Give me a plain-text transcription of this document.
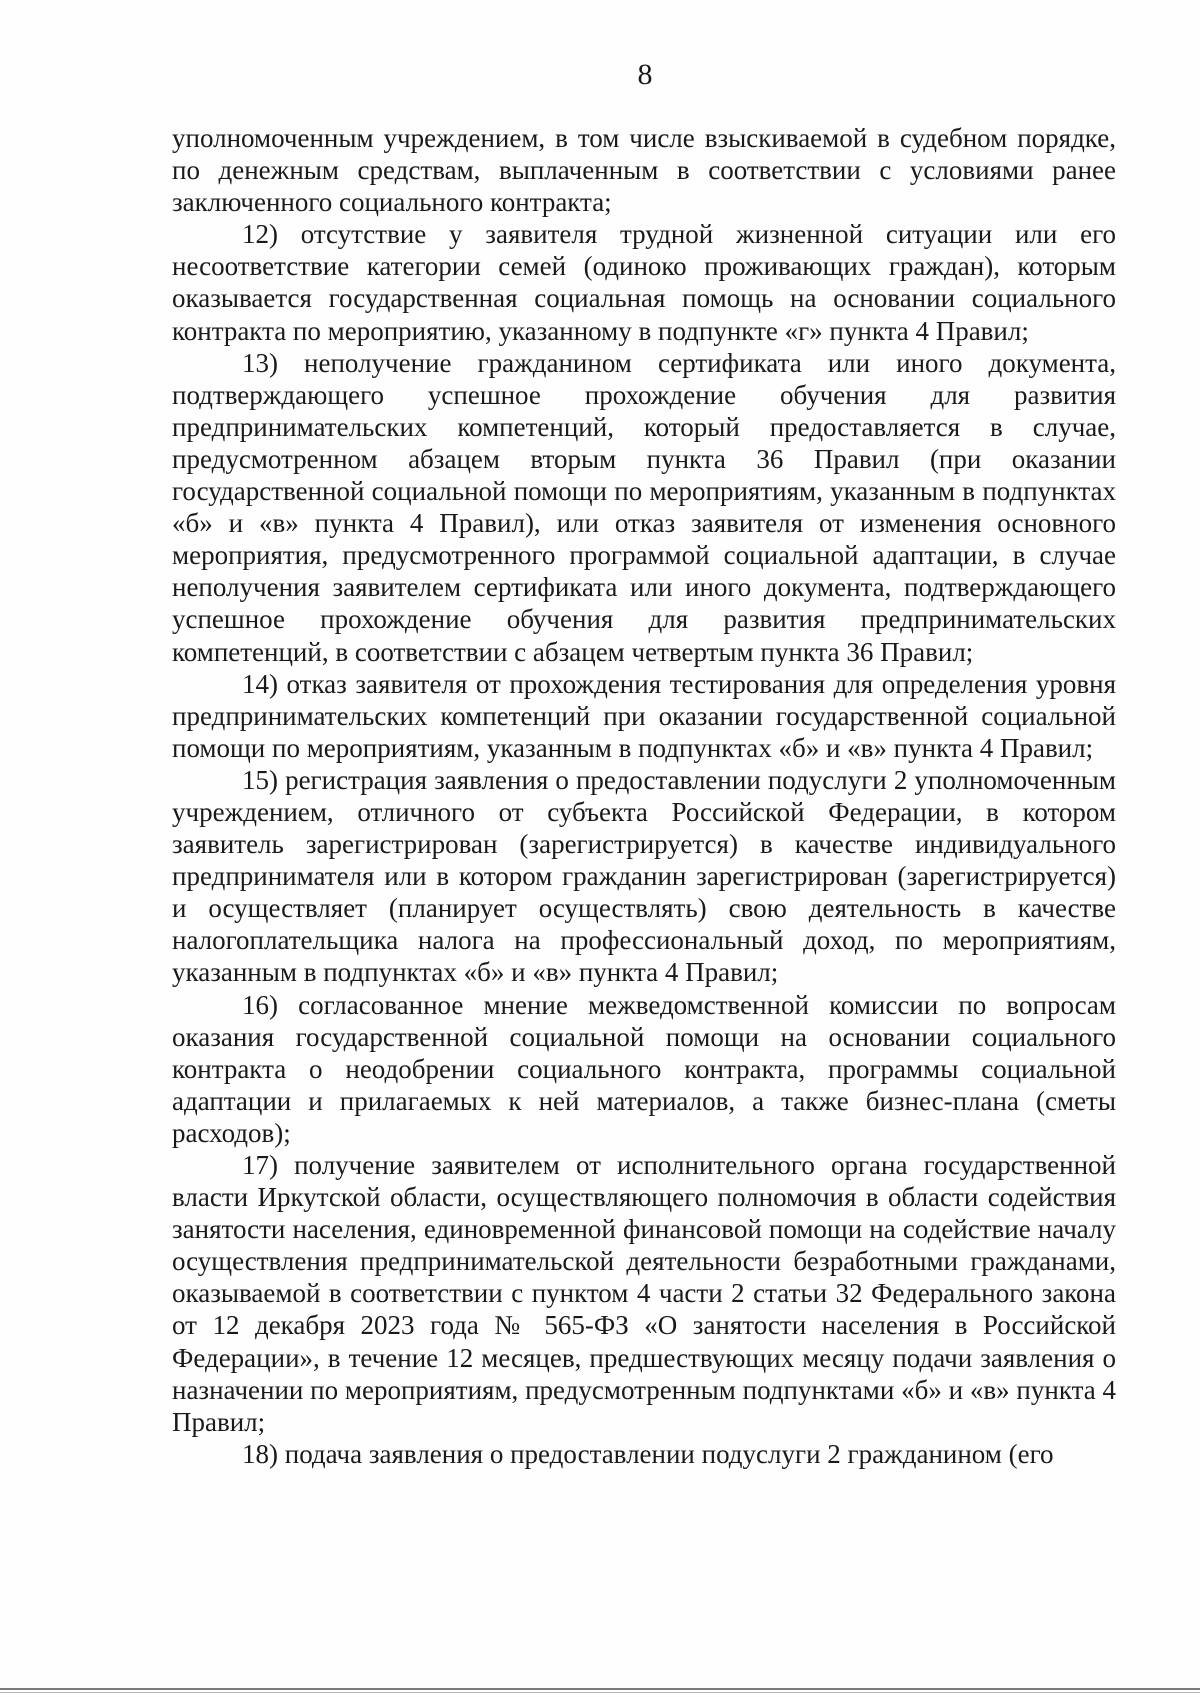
8

уполномоченным учреждением, в том числе взыскиваемой в судебном порядке, по денежным средствам, выплаченным в соответствии с условиями ранее заключенного социального контракта;

12) отсутствие у заявителя трудной жизненной ситуации или его несоответствие категории семей (одиноко проживающих граждан), которым оказывается государственная социальная помощь на основании социального контракта по мероприятию, указанному в подпункте «г» пункта 4 Правил;

13) неполучение гражданином сертификата или иного документа, подтверждающего успешное прохождение обучения для развития предпринимательских компетенций, который предоставляется в случае, предусмотренном абзацем вторым пункта 36 Правил (при оказании государственной социальной помощи по мероприятиям, указанным в подпунктах «б» и «в» пункта 4 Правил), или отказ заявителя от изменения основного мероприятия, предусмотренного программой социальной адаптации, в случае неполучения заявителем сертификата или иного документа, подтверждающего успешное прохождение обучения для развития предпринимательских компетенций, в соответствии с абзацем четвертым пункта 36 Правил;

14) отказ заявителя от прохождения тестирования для определения уровня предпринимательских компетенций при оказании государственной социальной помощи по мероприятиям, указанным в подпунктах «б» и «в» пункта 4 Правил;

15) регистрация заявления о предоставлении подуслуги 2 уполномоченным учреждением, отличного от субъекта Российской Федерации, в котором заявитель зарегистрирован (зарегистрируется) в качестве индивидуального предпринимателя или в котором гражданин зарегистрирован (зарегистрируется) и осуществляет (планирует осуществлять) свою деятельность в качестве налогоплательщика налога на профессиональный доход, по мероприятиям, указанным в подпунктах «б» и «в» пункта 4 Правил;

16) согласованное мнение межведомственной комиссии по вопросам оказания государственной социальной помощи на основании социального контракта о неодобрении социального контракта, программы социальной адаптации и прилагаемых к ней материалов, а также бизнес-плана (сметы расходов);

17) получение заявителем от исполнительного органа государственной власти Иркутской области, осуществляющего полномочия в области содействия занятости населения, единовременной финансовой помощи на содействие началу осуществления предпринимательской деятельности безработными гражданами, оказываемой в соответствии с пунктом 4 части 2 статьи 32 Федерального закона от 12 декабря 2023 года № 565-ФЗ «О занятости населения в Российской Федерации», в течение 12 месяцев, предшествующих месяцу подачи заявления о назначении по мероприятиям, предусмотренным подпунктами «б» и «в» пункта 4 Правил;

18) подача заявления о предоставлении подуслуги 2 гражданином (его
